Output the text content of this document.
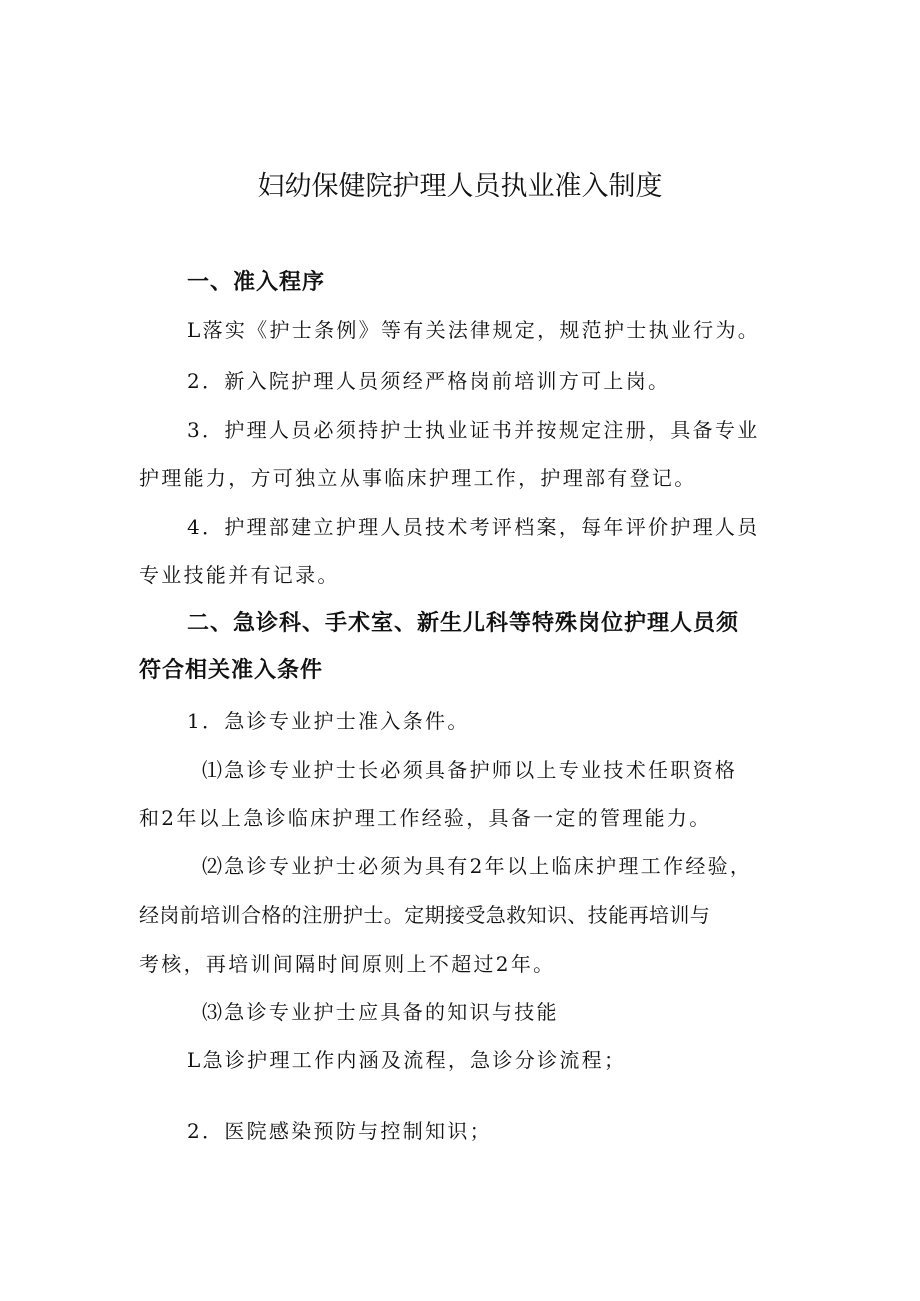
妇幼保健院护理人员执业准入制度

一、准入程序

L落实《护士条例》等有关法律规定，规范护士执业行为。

2．新入院护理人员须经严格岗前培训方可上岗。

3．护理人员必须持护士执业证书并按规定注册，具备专业

护理能力，方可独立从事临床护理工作，护理部有登记。

4．护理部建立护理人员技术考评档案，每年评价护理人员

专业技能并有记录。

二、急诊科、手术室、新生儿科等特殊岗位护理人员须

符合相关准入条件

1．急诊专业护士准入条件。

⑴急诊专业护士长必须具备护师以上专业技术任职资格

和2年以上急诊临床护理工作经验，具备一定的管理能力。

⑵急诊专业护士必须为具有2年以上临床护理工作经验，

经岗前培训合格的注册护士。定期接受急救知识、技能再培训与

考核，再培训间隔时间原则上不超过2年。

⑶急诊专业护士应具备的知识与技能

L急诊护理工作内涵及流程，急诊分诊流程；

2．医院感染预防与控制知识；
